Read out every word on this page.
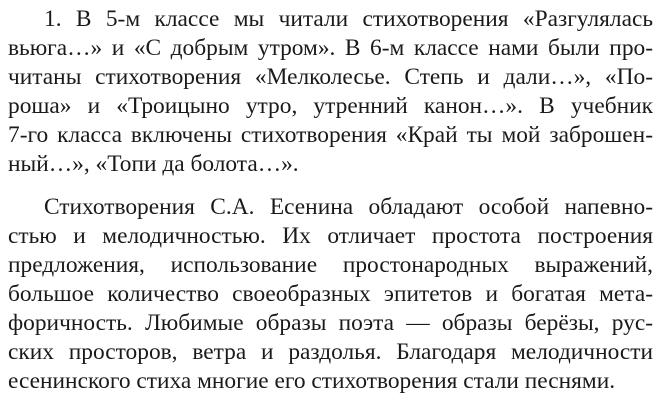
1. В 5-м классе мы читали стихотворения «Разгулялась
вьюга…» и «С добрым утром». В 6-м классе нами были про-
читаны стихотворения «Мелколесье. Степь и дали…», «По-
роша» и «Троицыно утро, утренний канон…». В учебник
7-го класса включены стихотворения «Край ты мой заброшен-
ный…», «Топи да болота…».
Стихотворения С.А. Есенина обладают особой напевно-
стью и мелодичностью. Их отличает простота построения
предложения, использование простонародных выражений,
большое количество своеобразных эпитетов и богатая мета-
форичность. Любимые образы поэта — образы берёзы, рус-
ских просторов, ветра и раздолья. Благодаря мелодичности
есенинского стиха многие его стихотворения стали песнями.
